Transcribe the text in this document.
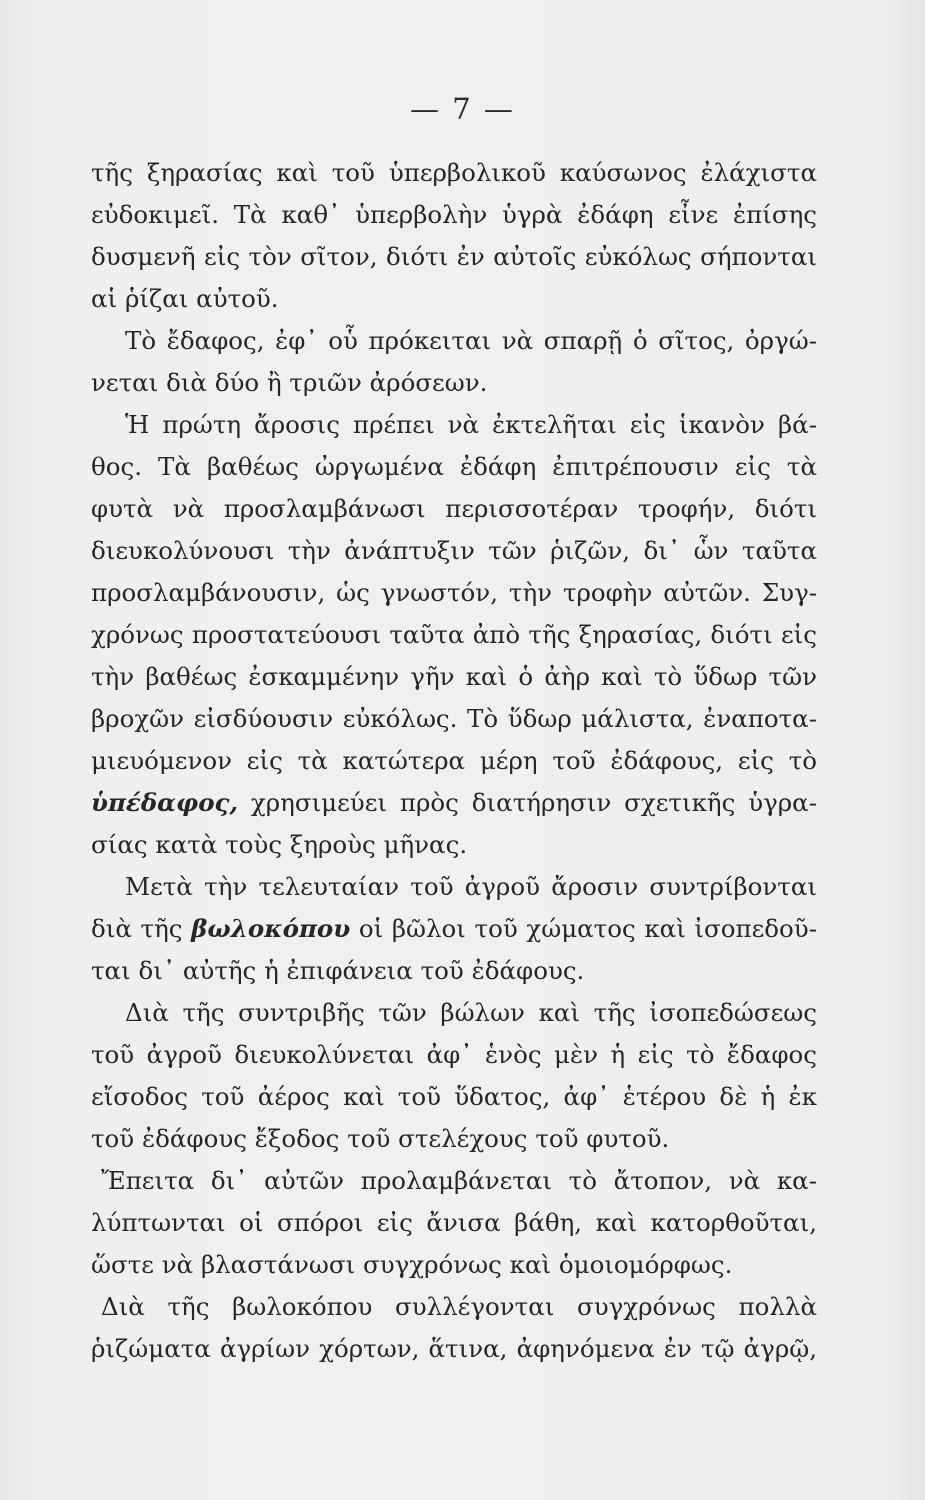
— 7 —
τῆς ξηρασίας καὶ τοῦ ὑπερβολικοῦ καύσωνος ἐλάχιστα
εὐδοκιμεῖ. Τὰ καθ᾽ ὑπερβολὴν ὑγρὰ ἐδάφη εἶνε ἐπίσης
δυσμενῆ εἰς τὸν σῖτον, διότι ἐν αὐτοῖς εὐκόλως σήπονται
αἱ ῥίζαι αὐτοῦ.
Τὸ ἔδαφος, ἐφ᾽ οὗ πρόκειται νὰ σπαρῇ ὁ σῖτος, ὀργώ-
νεται διὰ δύο ἢ τριῶν ἀρόσεων.
Ἡ πρώτη ἄροσις πρέπει νὰ ἐκτελῆται εἰς ἱκανὸν βά-
θος. Τὰ βαθέως ὠργωμένα ἐδάφη ἐπιτρέπουσιν εἰς τὰ
φυτὰ νὰ προσλαμβάνωσι περισσοτέραν τροφήν, διότι
διευκολύνουσι τὴν ἀνάπτυξιν τῶν ῥιζῶν, δι᾽ ὧν ταῦτα
προσλαμβάνουσιν, ὡς γνωστόν, τὴν τροφὴν αὐτῶν. Συγ-
χρόνως προστατεύουσι ταῦτα ἀπὸ τῆς ξηρασίας, διότι εἰς
τὴν βαθέως ἐσκαμμένην γῆν καὶ ὁ ἀὴρ καὶ τὸ ὕδωρ τῶν
βροχῶν εἰσδύουσιν εὐκόλως. Τὸ ὕδωρ μάλιστα, ἐναποτα-
μιευόμενον εἰς τὰ κατώτερα μέρη τοῦ ἐδάφους, εἰς τὸ
ὑπέδαφος, χρησιμεύει πρὸς διατήρησιν σχετικῆς ὑγρα-
σίας κατὰ τοὺς ξηροὺς μῆνας.
Μετὰ τὴν τελευταίαν τοῦ ἀγροῦ ἄροσιν συντρίβονται
διὰ τῆς βωλοκόπου οἱ βῶλοι τοῦ χώματος καὶ ἰσοπεδοῦ-
ται δι᾽ αὐτῆς ἡ ἐπιφάνεια τοῦ ἐδάφους.
Διὰ τῆς συντριβῆς τῶν βώλων καὶ τῆς ἰσοπεδώσεως
τοῦ ἀγροῦ διευκολύνεται ἀφ᾽ ἑνὸς μὲν ἡ εἰς τὸ ἔδαφος
εἴσοδος τοῦ ἀέρος καὶ τοῦ ὕδατος, ἀφ᾽ ἑτέρου δὲ ἡ ἐκ
τοῦ ἐδάφους ἔξοδος τοῦ στελέχους τοῦ φυτοῦ.
Ἔπειτα δι᾽ αὐτῶν προλαμβάνεται τὸ ἄτοπον, νὰ κα-
λύπτωνται οἱ σπόροι εἰς ἄνισα βάθη, καὶ κατορθοῦται,
ὥστε νὰ βλαστάνωσι συγχρόνως καὶ ὁμοιομόρφως.
Διὰ τῆς βωλοκόπου συλλέγονται συγχρόνως πολλὰ
ῥιζώματα ἀγρίων χόρτων, ἅτινα, ἀφηνόμενα ἐν τῷ ἀγρῷ,
